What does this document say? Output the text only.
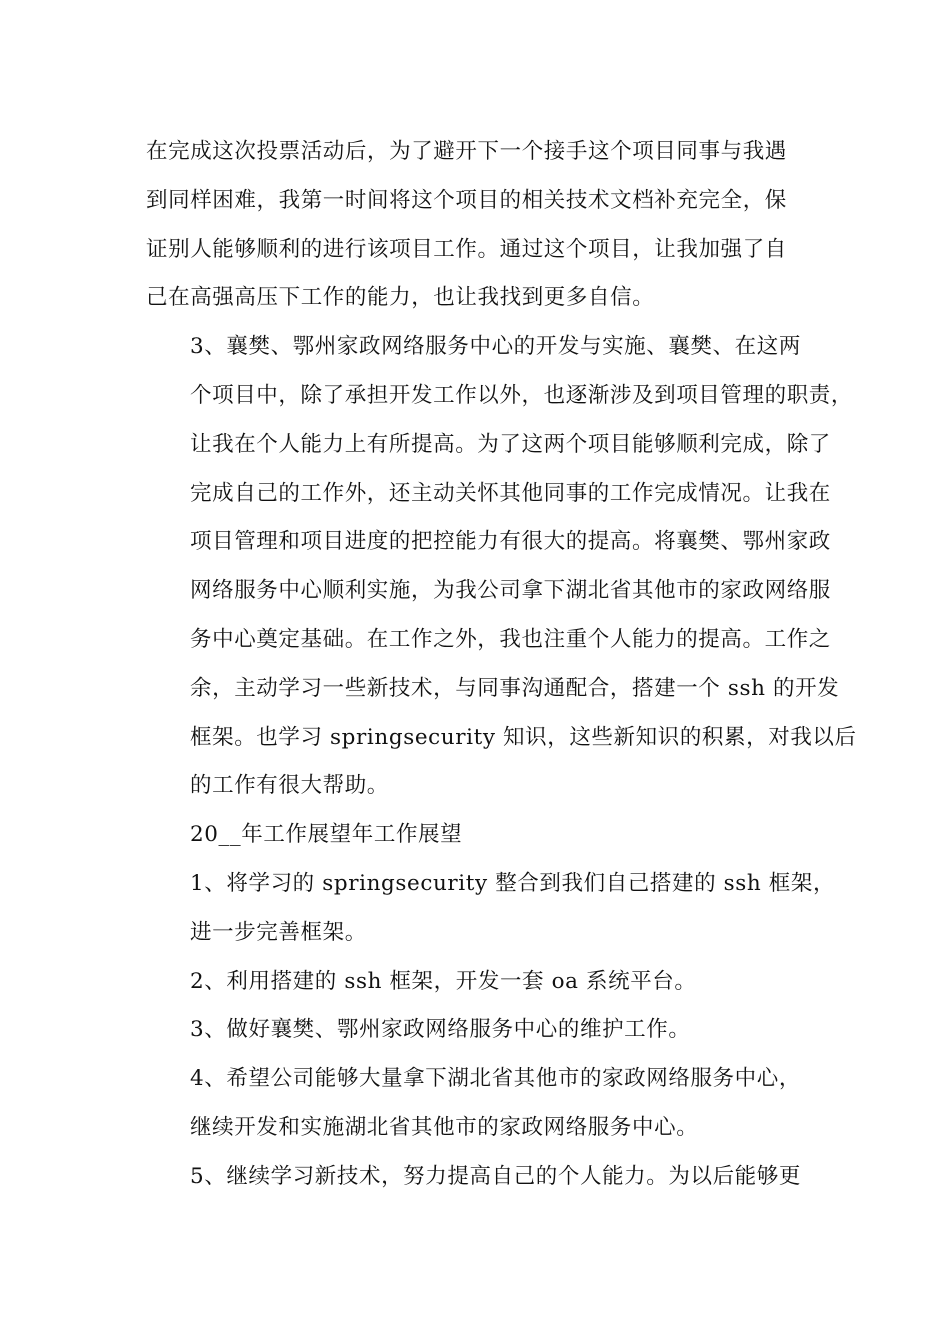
在完成这次投票活动后，为了避开下一个接手这个项目同事与我遇
到同样困难，我第一时间将这个项目的相关技术文档补充完全，保
证别人能够顺利的进行该项目工作。通过这个项目，让我加强了自
己在高强高压下工作的能力，也让我找到更多自信。
3、襄樊、鄂州家政网络服务中心的开发与实施、襄樊、在这两
个项目中，除了承担开发工作以外，也逐渐涉及到项目管理的职责，
让我在个人能力上有所提高。为了这两个项目能够顺利完成，除了
完成自己的工作外，还主动关怀其他同事的工作完成情况。让我在
项目管理和项目进度的把控能力有很大的提高。将襄樊、鄂州家政
网络服务中心顺利实施，为我公司拿下湖北省其他市的家政网络服
务中心奠定基础。在工作之外，我也注重个人能力的提高。工作之
余，主动学习一些新技术，与同事沟通配合，搭建一个 ssh 的开发
框架。也学习 springsecurity 知识，这些新知识的积累，对我以后
的工作有很大帮助。
20__年工作展望年工作展望
1、将学习的 springsecurity 整合到我们自己搭建的 ssh 框架，
进一步完善框架。
2、利用搭建的 ssh 框架，开发一套 oa 系统平台。
3、做好襄樊、鄂州家政网络服务中心的维护工作。
4、希望公司能够大量拿下湖北省其他市的家政网络服务中心，
继续开发和实施湖北省其他市的家政网络服务中心。
5、继续学习新技术，努力提高自己的个人能力。为以后能够更
